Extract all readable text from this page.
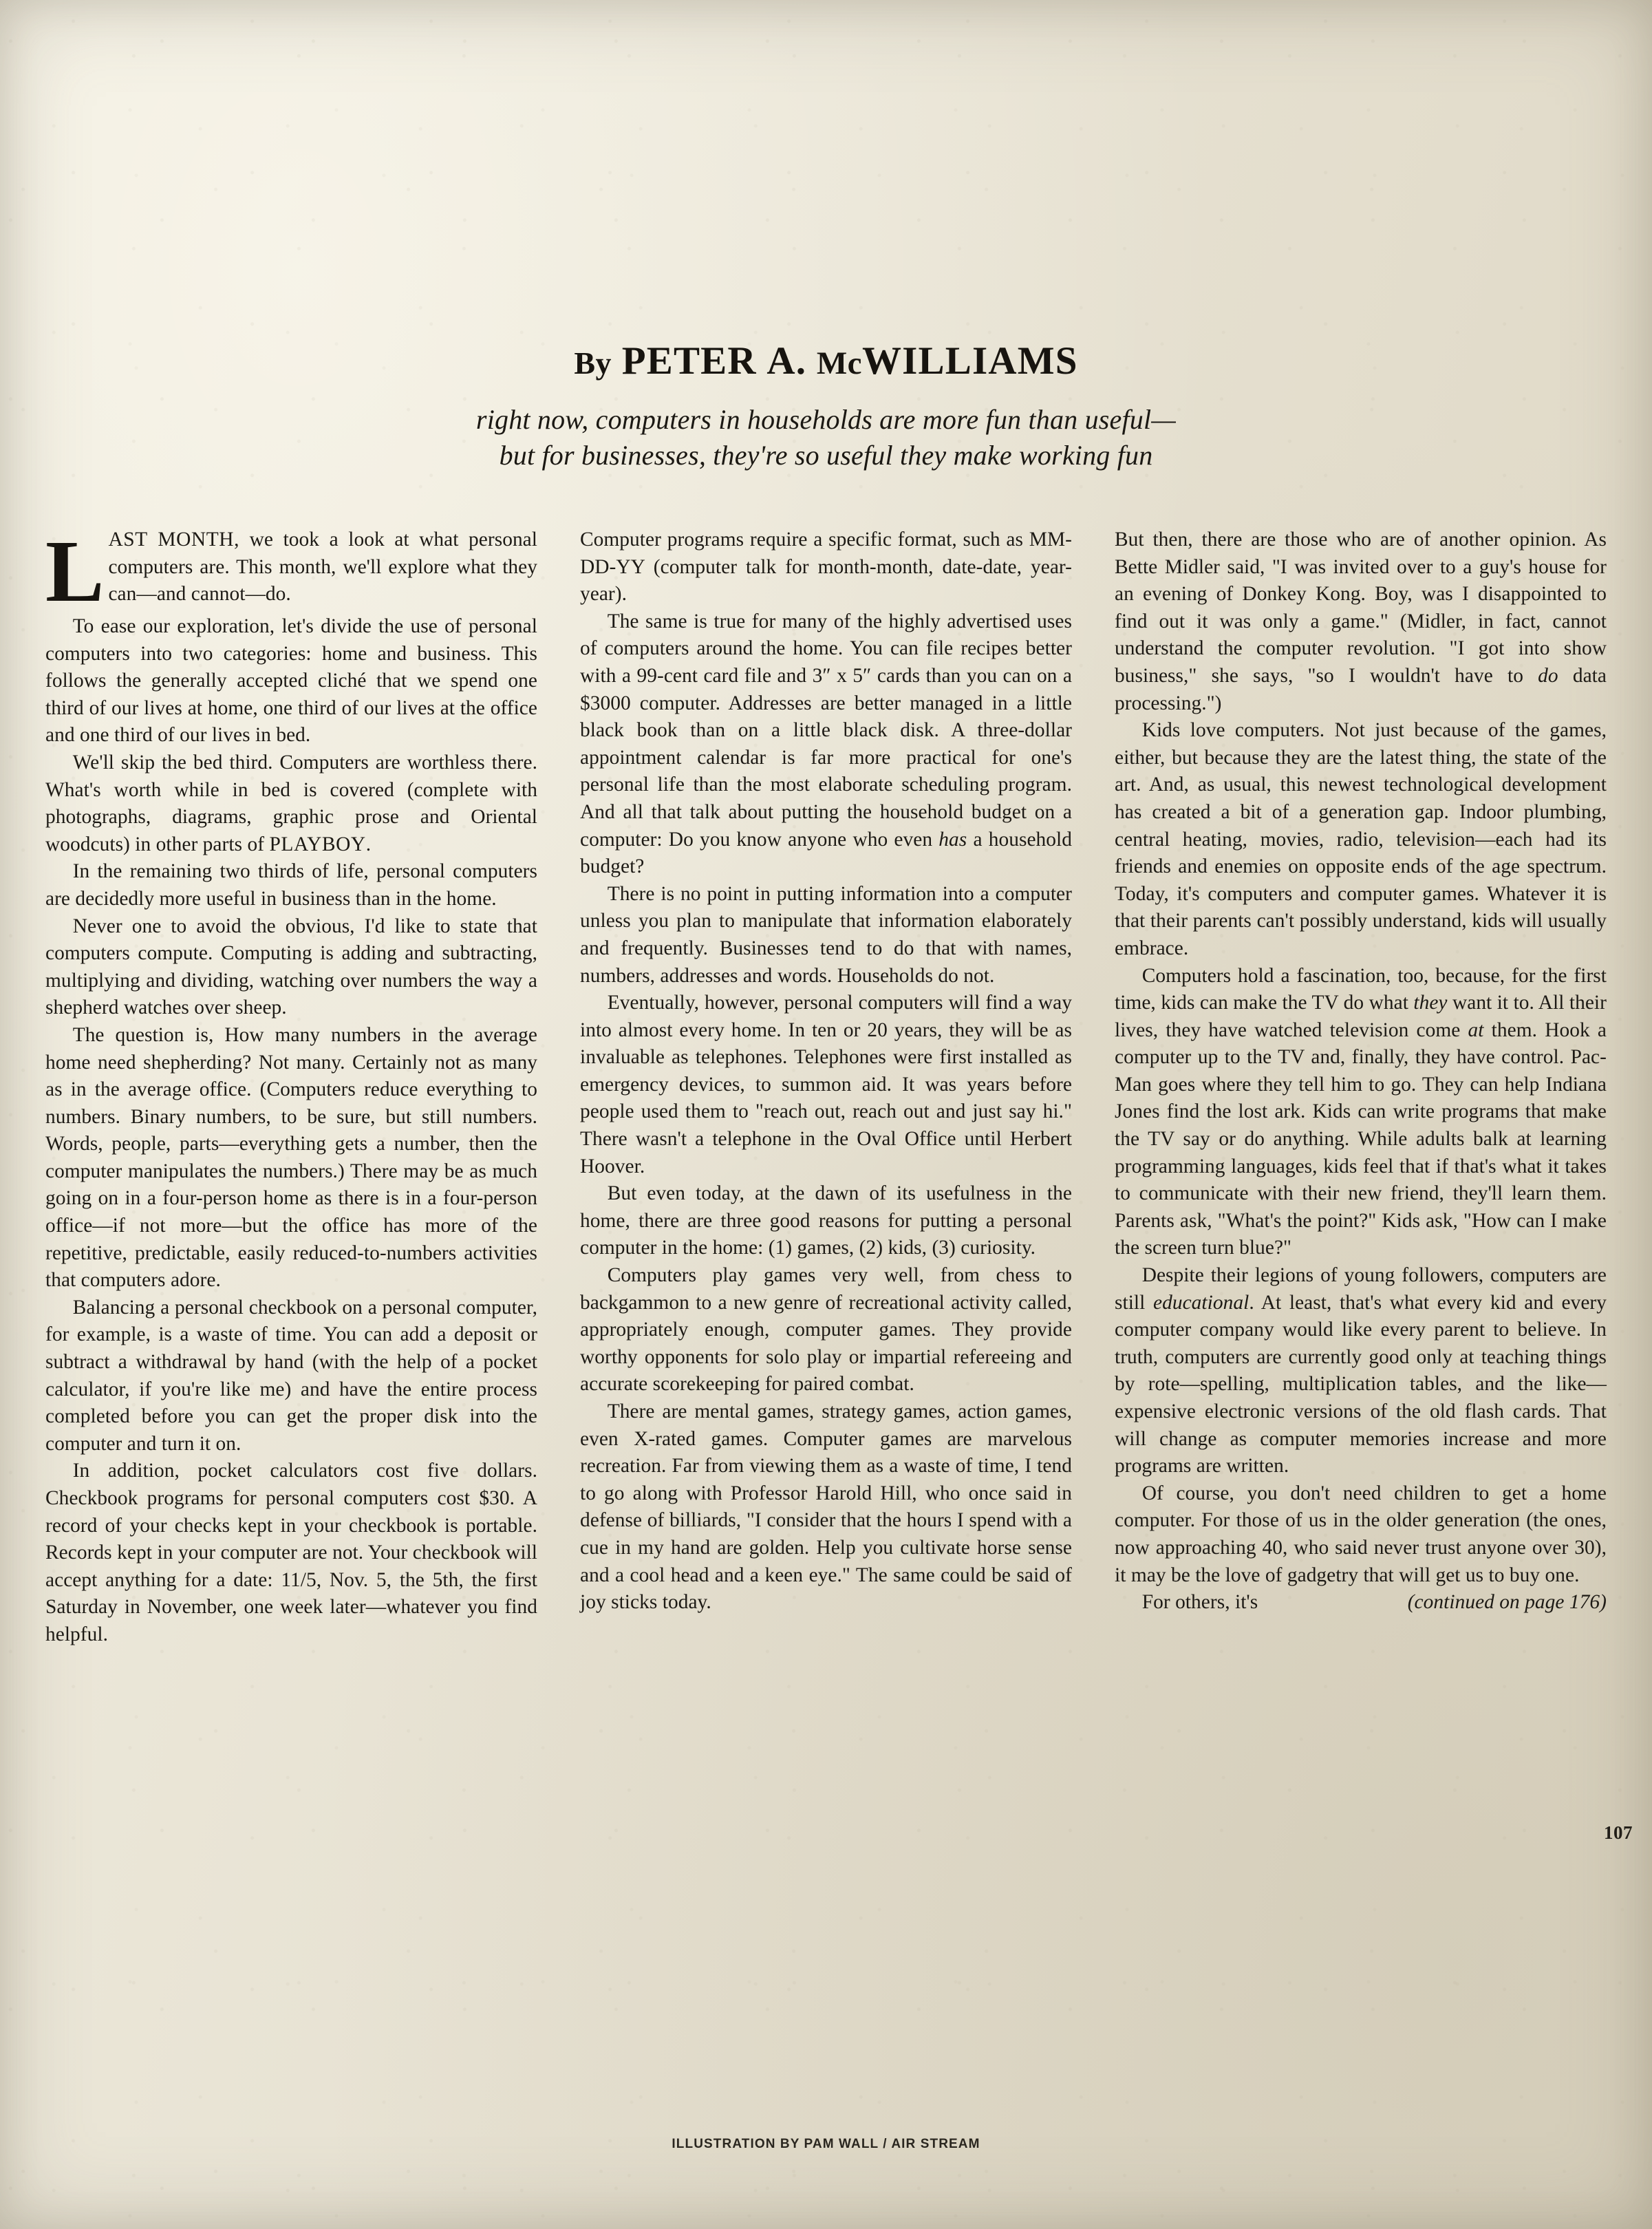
By PETER A. McWILLIAMS
right now, computers in households are more fun than useful—
but for businesses, they're so useful they make working fun

LAST MONTH, we took a look at what personal computers are. This month, we'll explore what they can—and cannot—do.

To ease our exploration, let's divide the use of personal computers into two categories: home and business. This follows the generally accepted cliché that we spend one third of our lives at home, one third of our lives at the office and one third of our lives in bed.

We'll skip the bed third. Computers are worthless there. What's worth while in bed is covered (complete with photographs, diagrams, graphic prose and Oriental woodcuts) in other parts of PLAYBOY.

In the remaining two thirds of life, personal computers are decidedly more useful in business than in the home.

Never one to avoid the obvious, I'd like to state that computers compute. Computing is adding and subtracting, multiplying and dividing, watching over numbers the way a shepherd watches over sheep.

The question is, How many numbers in the average home need shepherding? Not many. Certainly not as many as in the average office. (Computers reduce everything to numbers. Binary numbers, to be sure, but still numbers. Words, people, parts—everything gets a number, then the computer manipulates the numbers.) There may be as much going on in a four-person home as there is in a four-person office—if not more—but the office has more of the repetitive, predictable, easily reduced-to-numbers activities that computers adore.

Balancing a personal checkbook on a personal computer, for example, is a waste of time. You can add a deposit or subtract a withdrawal by hand (with the help of a pocket calculator, if you're like me) and have the entire process completed before you can get the proper disk into the computer and turn it on.

In addition, pocket calculators cost five dollars. Checkbook programs for personal computers cost $30. A record of your checks kept in your checkbook is portable. Records kept in your computer are not. Your checkbook will accept anything for a date: 11/5, Nov. 5, the 5th, the first Saturday in November, one week later—whatever you find helpful.

Computer programs require a specific format, such as MM-DD-YY (computer talk for month-month, date-date, year-year).

The same is true for many of the highly advertised uses of computers around the home. You can file recipes better with a 99-cent card file and 3″ x 5″ cards than you can on a $3000 computer. Addresses are better managed in a little black book than on a little black disk. A three-dollar appointment calendar is far more practical for one's personal life than the most elaborate scheduling program. And all that talk about putting the household budget on a computer: Do you know anyone who even has a household budget?

There is no point in putting information into a computer unless you plan to manipulate that information elaborately and frequently. Businesses tend to do that with names, numbers, addresses and words. Households do not.

Eventually, however, personal computers will find a way into almost every home. In ten or 20 years, they will be as invaluable as telephones. Telephones were first installed as emergency devices, to summon aid. It was years before people used them to "reach out, reach out and just say hi." There wasn't a telephone in the Oval Office until Herbert Hoover.

But even today, at the dawn of its usefulness in the home, there are three good reasons for putting a personal computer in the home: (1) games, (2) kids, (3) curiosity.

Computers play games very well, from chess to backgammon to a new genre of recreational activity called, appropriately enough, computer games. They provide worthy opponents for solo play or impartial refereeing and accurate scorekeeping for paired combat.

There are mental games, strategy games, action games, even X-rated games. Computer games are marvelous recreation. Far from viewing them as a waste of time, I tend to go along with Professor Harold Hill, who once said in defense of billiards, "I consider that the hours I spend with a cue in my hand are golden. Help you cultivate horse sense and a cool head and a keen eye." The same could be said of joy sticks today.

But then, there are those who are of another opinion. As Bette Midler said, "I was invited over to a guy's house for an evening of Donkey Kong. Boy, was I disappointed to find out it was only a game." (Midler, in fact, cannot understand the computer revolution. "I got into show business," she says, "so I wouldn't have to do data processing.")

Kids love computers. Not just because of the games, either, but because they are the latest thing, the state of the art. And, as usual, this newest technological development has created a bit of a generation gap. Indoor plumbing, central heating, movies, radio, television—each had its friends and enemies on opposite ends of the age spectrum. Today, it's computers and computer games. Whatever it is that their parents can't possibly understand, kids will usually embrace.

Computers hold a fascination, too, because, for the first time, kids can make the TV do what they want it to. All their lives, they have watched television come at them. Hook a computer up to the TV and, finally, they have control. Pac-Man goes where they tell him to go. They can help Indiana Jones find the lost ark. Kids can write programs that make the TV say or do anything. While adults balk at learning programming languages, kids feel that if that's what it takes to communicate with their new friend, they'll learn them. Parents ask, "What's the point?" Kids ask, "How can I make the screen turn blue?"

Despite their legions of young followers, computers are still educational. At least, that's what every kid and every computer company would like every parent to believe. In truth, computers are currently good only at teaching things by rote—spelling, multiplication tables, and the like—expensive electronic versions of the old flash cards. That will change as computer memories increase and more programs are written.

Of course, you don't need children to get a home computer. For those of us in the older generation (the ones, now approaching 40, who said never trust anyone over 30), it may be the love of gadgetry that will get us to buy one.

For others, it's	(continued on page 176)

107
ILLUSTRATION BY PAM WALL / AIR STREAM
